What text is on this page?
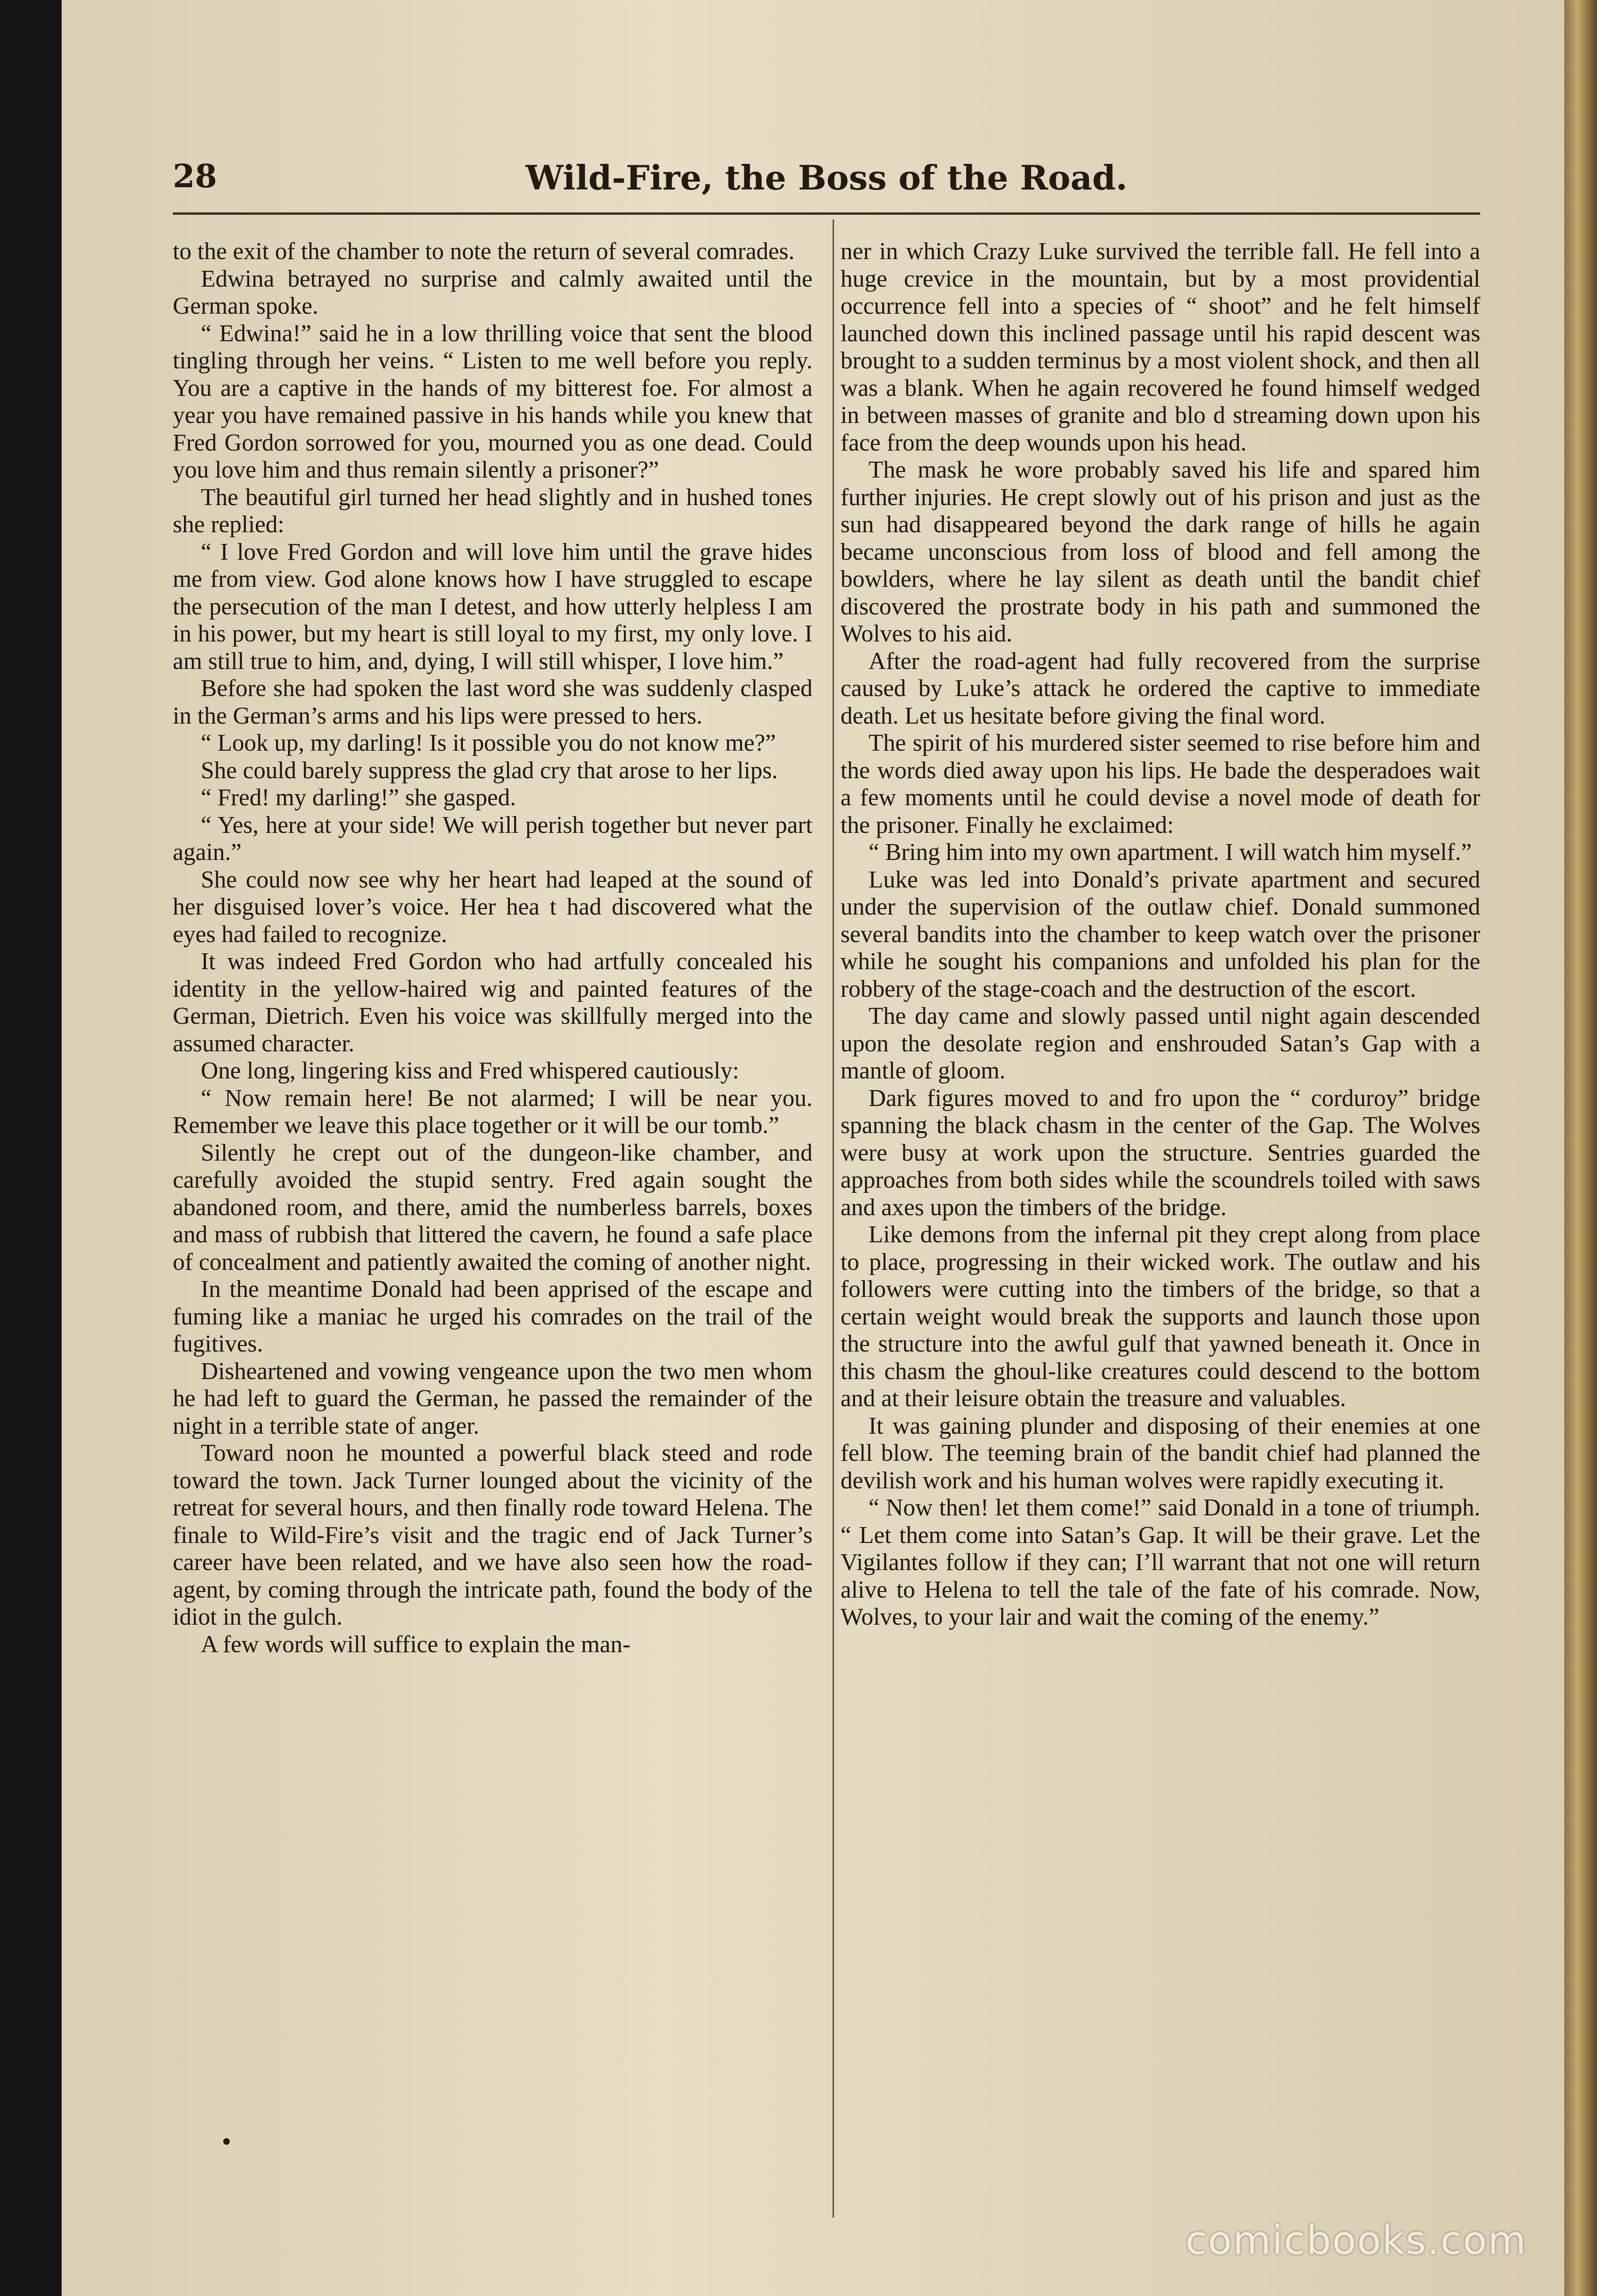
28	Wild-Fire, the Boss of the Road.

to the exit of the chamber to note the return of several comrades.

Edwina betrayed no surprise and calmly awaited until the German spoke.

“ Edwina!” said he in a low thrilling voice that sent the blood tingling through her veins. “ Listen to me well before you reply. You are a captive in the hands of my bitterest foe. For almost a year you have remained passive in his hands while you knew that Fred Gordon sorrowed for you, mourned you as one dead. Could you love him and thus remain silently a prisoner?”

The beautiful girl turned her head slightly and in hushed tones she replied:

“ I love Fred Gordon and will love him until the grave hides me from view. God alone knows how I have struggled to escape the persecution of the man I detest, and how utterly helpless I am in his power, but my heart is still loyal to my first, my only love. I am still true to him, and, dying, I will still whisper, I love him.”

Before she had spoken the last word she was suddenly clasped in the German’s arms and his lips were pressed to hers.

“ Look up, my darling! Is it possible you do not know me?”

She could barely suppress the glad cry that arose to her lips.

“ Fred! my darling!” she gasped.

“ Yes, here at your side! We will perish together but never part again.”

She could now see why her heart had leaped at the sound of her disguised lover’s voice. Her hea t had discovered what the eyes had failed to recognize.

It was indeed Fred Gordon who had artfully concealed his identity in the yellow-haired wig and painted features of the German, Dietrich. Even his voice was skillfully merged into the assumed character.

One long, lingering kiss and Fred whispered cautiously:

“ Now remain here! Be not alarmed; I will be near you. Remember we leave this place together or it will be our tomb.”

Silently he crept out of the dungeon-like chamber, and carefully avoided the stupid sentry. Fred again sought the abandoned room, and there, amid the numberless barrels, boxes and mass of rubbish that littered the cavern, he found a safe place of concealment and patiently awaited the coming of another night.

In the meantime Donald had been apprised of the escape and fuming like a maniac he urged his comrades on the trail of the fugitives.

Disheartened and vowing vengeance upon the two men whom he had left to guard the German, he passed the remainder of the night in a terrible state of anger.

Toward noon he mounted a powerful black steed and rode toward the town. Jack Turner lounged about the vicinity of the retreat for several hours, and then finally rode toward Helena. The finale to Wild-Fire’s visit and the tragic end of Jack Turner’s career have been related, and we have also seen how the road-agent, by coming through the intricate path, found the body of the idiot in the gulch.

A few words will suffice to explain the man-

ner in which Crazy Luke survived the terrible fall. He fell into a huge crevice in the mountain, but by a most providential occurrence fell into a species of “ shoot” and he felt himself launched down this inclined passage until his rapid descent was brought to a sudden terminus by a most violent shock, and then all was a blank. When he again recovered he found himself wedged in between masses of granite and blo d streaming down upon his face from the deep wounds upon his head.

The mask he wore probably saved his life and spared him further injuries. He crept slowly out of his prison and just as the sun had disappeared beyond the dark range of hills he again became unconscious from loss of blood and fell among the bowlders, where he lay silent as death until the bandit chief discovered the prostrate body in his path and summoned the Wolves to his aid.

After the road-agent had fully recovered from the surprise caused by Luke’s attack he ordered the captive to immediate death. Let us hesitate before giving the final word.

The spirit of his murdered sister seemed to rise before him and the words died away upon his lips. He bade the desperadoes wait a few moments until he could devise a novel mode of death for the prisoner. Finally he exclaimed:

“ Bring him into my own apartment. I will watch him myself.”

Luke was led into Donald’s private apartment and secured under the supervision of the outlaw chief. Donald summoned several bandits into the chamber to keep watch over the prisoner while he sought his companions and unfolded his plan for the robbery of the stage-coach and the destruction of the escort.

The day came and slowly passed until night again descended upon the desolate region and enshrouded Satan’s Gap with a mantle of gloom.

Dark figures moved to and fro upon the “ corduroy” bridge spanning the black chasm in the center of the Gap. The Wolves were busy at work upon the structure. Sentries guarded the approaches from both sides while the scoundrels toiled with saws and axes upon the timbers of the bridge.

Like demons from the infernal pit they crept along from place to place, progressing in their wicked work. The outlaw and his followers were cutting into the timbers of the bridge, so that a certain weight would break the supports and launch those upon the structure into the awful gulf that yawned beneath it. Once in this chasm the ghoul-like creatures could descend to the bottom and at their leisure obtain the treasure and valuables.

It was gaining plunder and disposing of their enemies at one fell blow. The teeming brain of the bandit chief had planned the devilish work and his human wolves were rapidly executing it.

“ Now then! let them come!” said Donald in a tone of triumph. “ Let them come into Satan’s Gap. It will be their grave. Let the Vigilantes follow if they can; I’ll warrant that not one will return alive to Helena to tell the tale of the fate of his comrade. Now, Wolves, to your lair and wait the coming of the enemy.”

comicbooks.com
